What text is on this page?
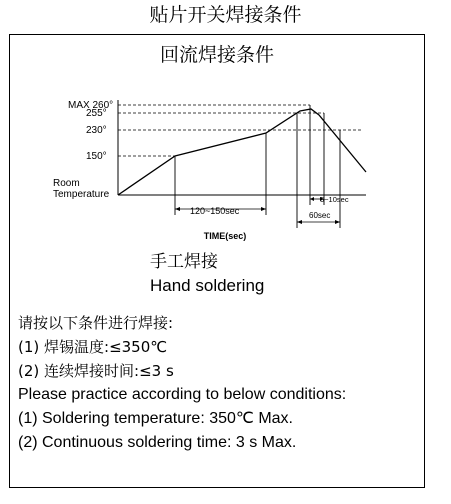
贴片开关焊接条件
回流焊接条件
MAX 260°
255°
230°
150°
Room
Temperature
120~150sec	60sec
5~10sec
TIME(sec)
手工焊接
Hand soldering
请按以下条件进行焊接:
(1) 焊锡温度:≤350℃
(2) 连续焊接时间:≤3 s
Please practice according to below conditions:
(1) Soldering temperature: 350℃ Max.
(2) Continuous soldering time: 3 s Max.
